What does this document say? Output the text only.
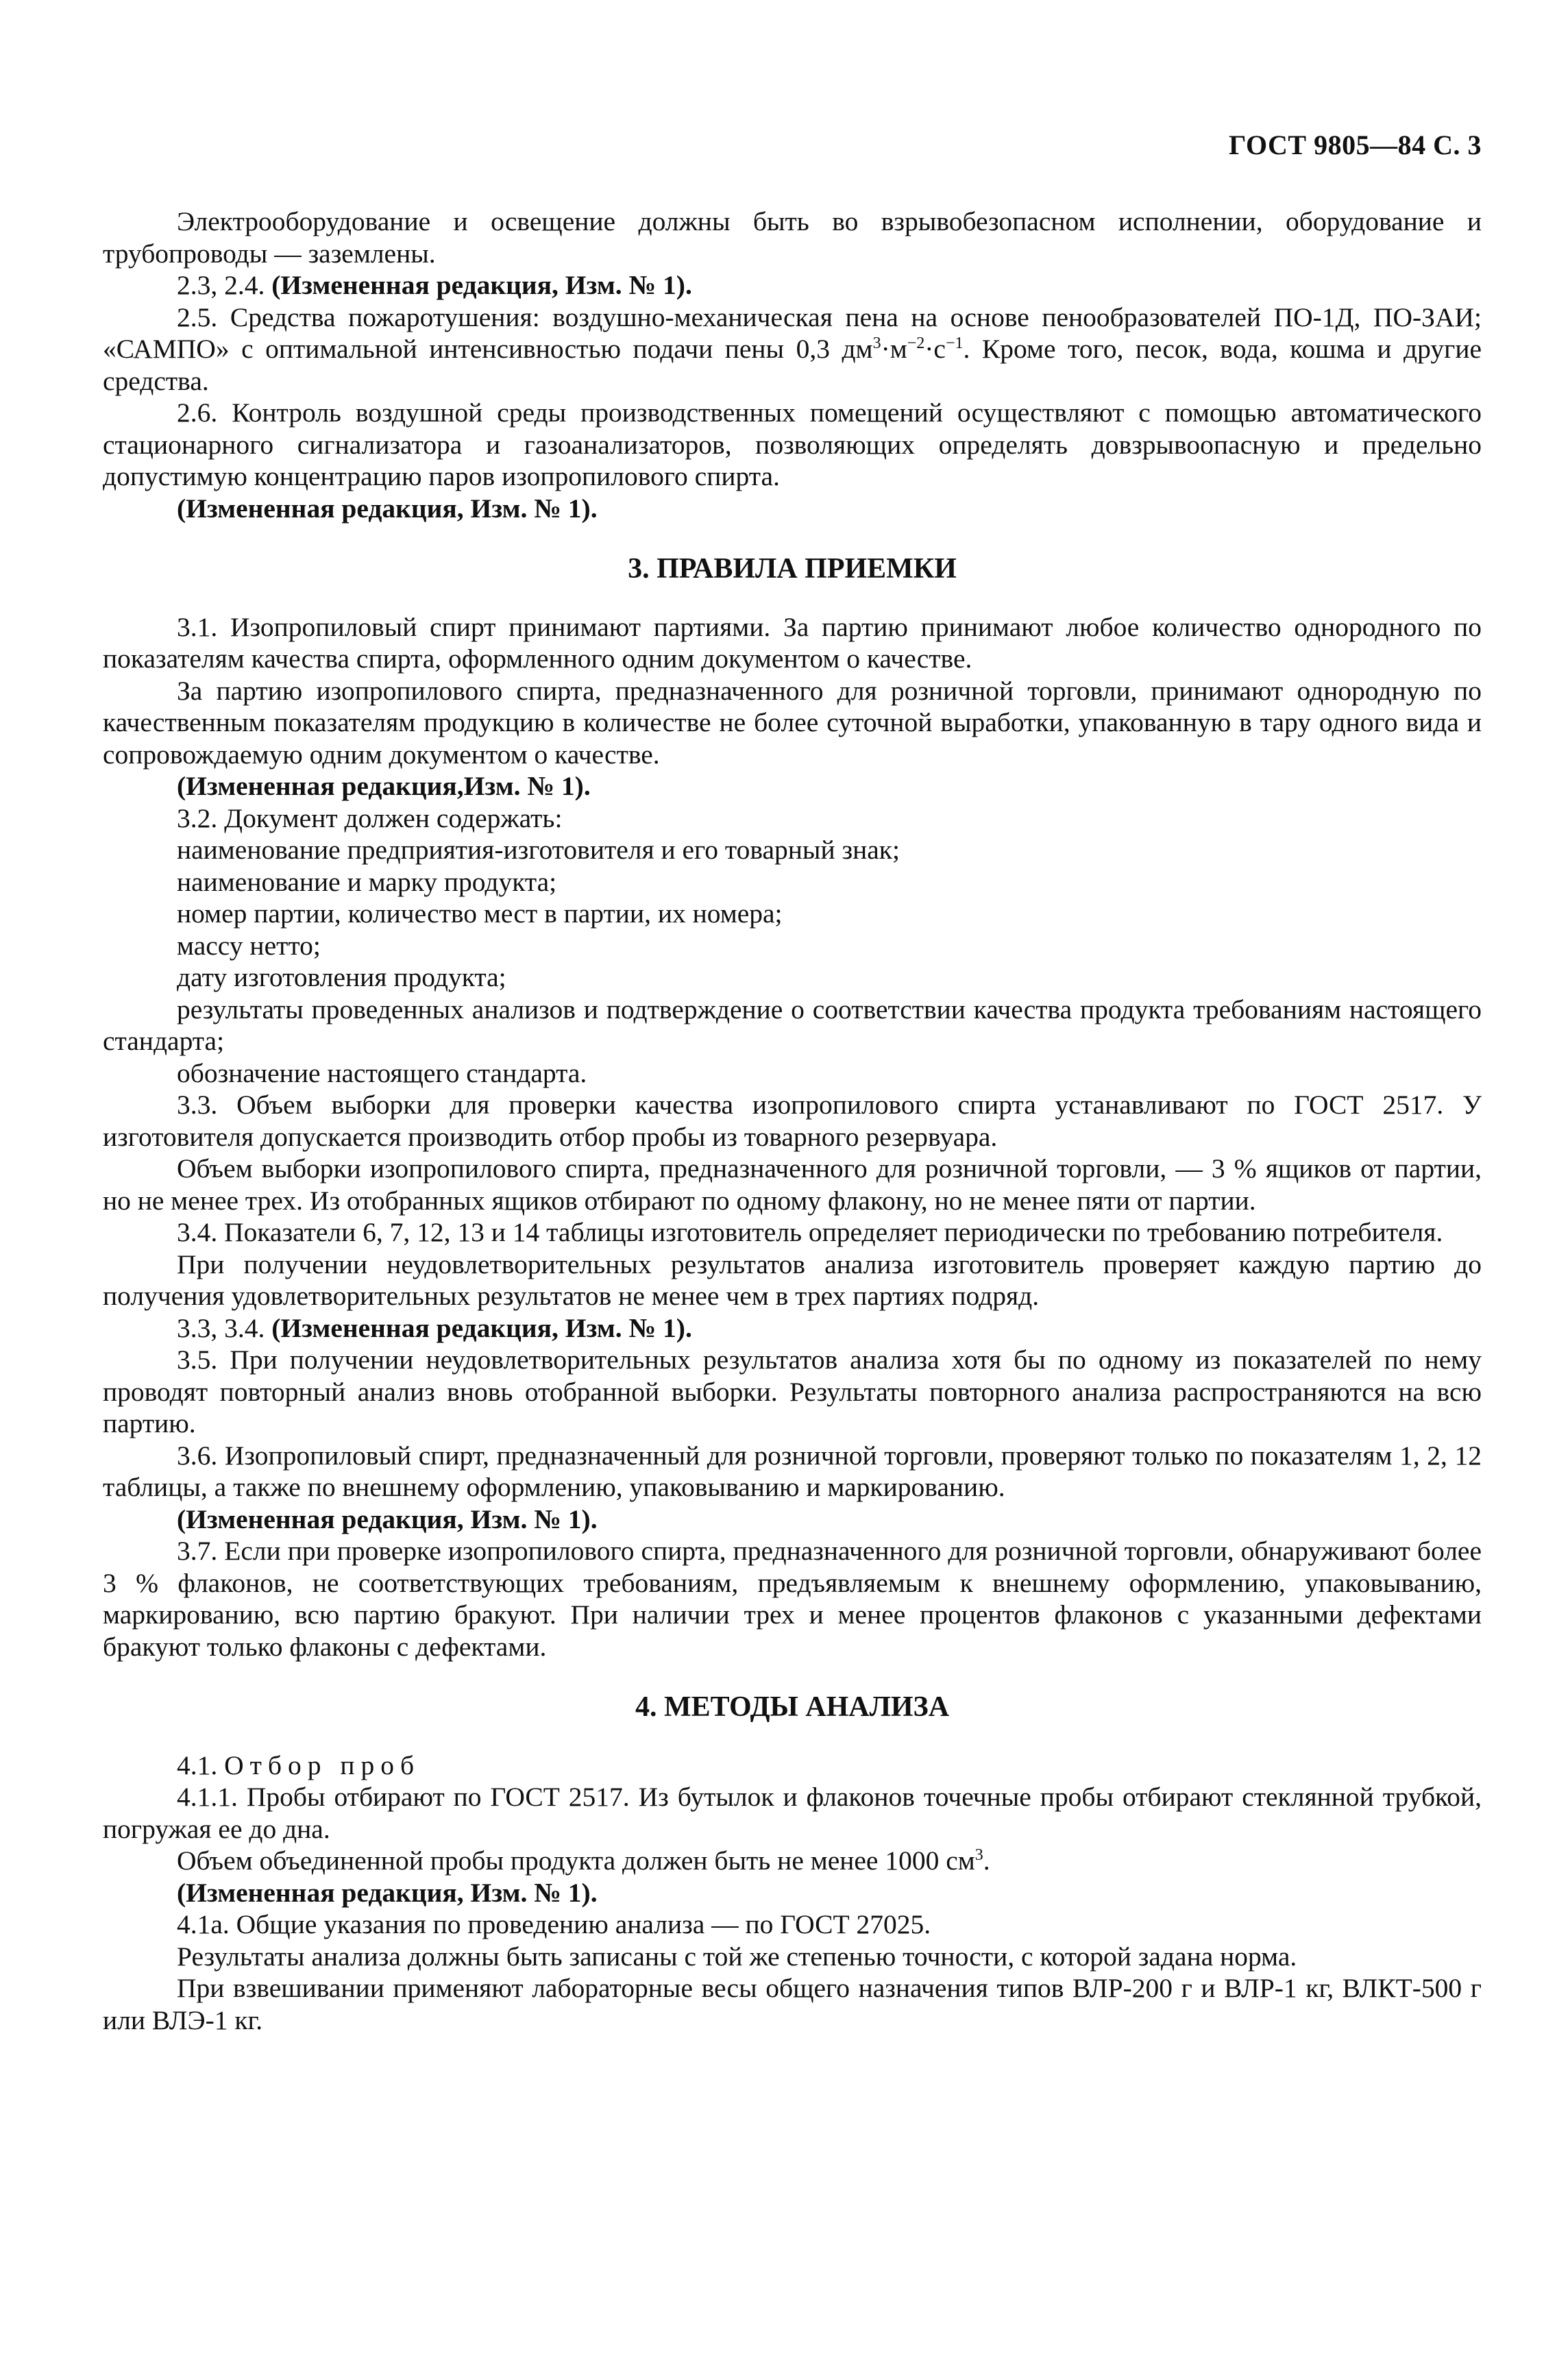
ГОСТ 9805—84 С. 3

Электрооборудование и освещение должны быть во взрывобезопасном исполнении, оборудование и трубопроводы — заземлены.

2.3, 2.4. (Измененная редакция, Изм. № 1).

2.5. Средства пожаротушения: воздушно-механическая пена на основе пенообразователей ПО-1Д, ПО-ЗАИ; «САМПО» с оптимальной интенсивностью подачи пены 0,3 $дм^3\cdot м^{-2}\cdot с^{-1}$. Кроме того, песок, вода, кошма и другие средства.

2.6. Контроль воздушной среды производственных помещений осуществляют с помощью автоматического стационарного сигнализатора и газоанализаторов, позволяющих определять довзрывоопасную и предельно допустимую концентрацию паров изопропилового спирта.

(Измененная редакция, Изм. № 1).

3. ПРАВИЛА ПРИЕМКИ

3.1. Изопропиловый спирт принимают партиями. За партию принимают любое количество однородного по показателям качества спирта, оформленного одним документом о качестве.

За партию изопропилового спирта, предназначенного для розничной торговли, принимают однородную по качественным показателям продукцию в количестве не более суточной выработки, упакованную в тару одного вида и сопровождаемую одним документом о качестве.

(Измененная редакция,Изм. № 1).

3.2. Документ должен содержать:

наименование предприятия-изготовителя и его товарный знак;

наименование и марку продукта;

номер партии, количество мест в партии, их номера;

массу нетто;

дату изготовления продукта;

результаты проведенных анализов и подтверждение о соответствии качества продукта требованиям настоящего стандарта;

обозначение настоящего стандарта.

3.3. Объем выборки для проверки качества изопропилового спирта устанавливают по ГОСТ 2517. У изготовителя допускается производить отбор пробы из товарного резервуара.

Объем выборки изопропилового спирта, предназначенного для розничной торговли, — 3 % ящиков от партии, но не менее трех. Из отобранных ящиков отбирают по одному флакону, но не менее пяти от партии.

3.4. Показатели 6, 7, 12, 13 и 14 таблицы изготовитель определяет периодически по требованию потребителя.

При получении неудовлетворительных результатов анализа изготовитель проверяет каждую партию до получения удовлетворительных результатов не менее чем в трех партиях подряд.

3.3, 3.4. (Измененная редакция, Изм. № 1).

3.5. При получении неудовлетворительных результатов анализа хотя бы по одному из показателей по нему проводят повторный анализ вновь отобранной выборки. Результаты повторного анализа распространяются на всю партию.

3.6. Изопропиловый спирт, предназначенный для розничной торговли, проверяют только по показателям 1, 2, 12 таблицы, а также по внешнему оформлению, упаковыванию и маркированию.

(Измененная редакция, Изм. № 1).

3.7. Если при проверке изопропилового спирта, предназначенного для розничной торговли, обнаруживают более 3 % флаконов, не соответствующих требованиям, предъявляемым к внешнему оформлению, упаковыванию, маркированию, всю партию бракуют. При наличии трех и менее процентов флаконов с указанными дефектами бракуют только флаконы с дефектами.

4. МЕТОДЫ АНАЛИЗА

4.1. Отбор проб

4.1.1. Пробы отбирают по ГОСТ 2517. Из бутылок и флаконов точечные пробы отбирают стеклянной трубкой, погружая ее до дна.

Объем объединенной пробы продукта должен быть не менее 1000 $см^3$.

(Измененная редакция, Изм. № 1).

4.1а. Общие указания по проведению анализа — по ГОСТ 27025.

Результаты анализа должны быть записаны с той же степенью точности, с которой задана норма.

При взвешивании применяют лабораторные весы общего назначения типов ВЛР-200 г и ВЛР-1 кг, ВЛКТ-500 г или ВЛЭ-1 кг.
